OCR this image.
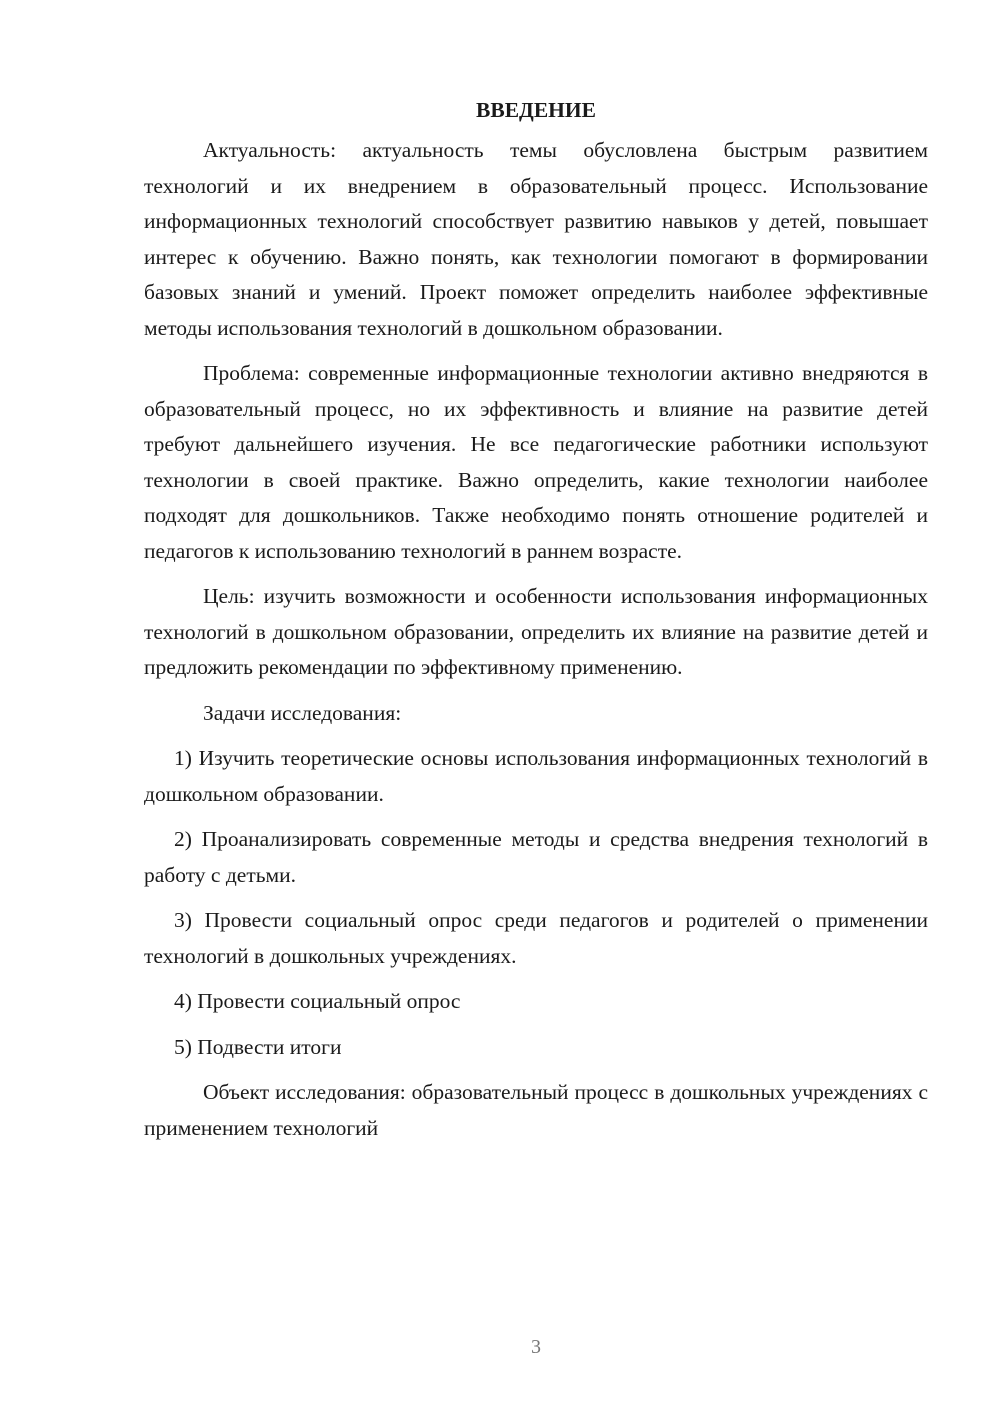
ВВЕДЕНИЕ

Актуальность: актуальность темы обусловлена быстрым развитием технологий и их внедрением в образовательный процесс. Использование информационных технологий способствует развитию навыков у детей, повышает интерес к обучению. Важно понять, как технологии помогают в формировании базовых знаний и умений. Проект поможет определить наиболее эффективные методы использования технологий в дошкольном образовании.

Проблема: современные информационные технологии активно внедряются в образовательный процесс, но их эффективность и влияние на развитие детей требуют дальнейшего изучения. Не все педагогические работники используют технологии в своей практике. Важно определить, какие технологии наиболее подходят для дошкольников. Также необходимо понять отношение родителей и педагогов к использованию технологий в раннем возрасте.

Цель: изучить возможности и особенности использования информационных технологий в дошкольном образовании, определить их влияние на развитие детей и предложить рекомендации по эффективному применению.

Задачи исследования:

1) Изучить теоретические основы использования информационных технологий в дошкольном образовании.

2) Проанализировать современные методы и средства внедрения технологий в работу с детьми.

3) Провести социальный опрос среди педагогов и родителей о применении технологий в дошкольных учреждениях.

4) Провести социальный опрос

5) Подвести итоги

Объект исследования: образовательный процесс в дошкольных учреждениях с применением технологий

3
